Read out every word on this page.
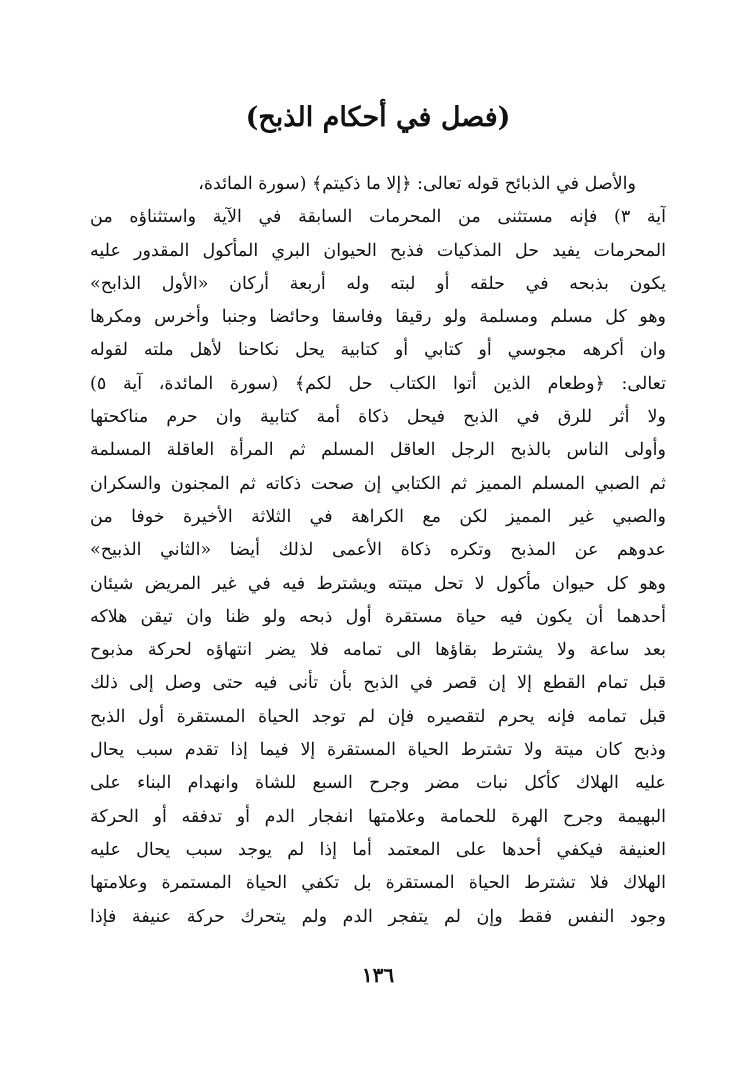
(فصل في أحكام الذبح)
والأصل في الذبائح قوله تعالى: ﴿إلا ما ذكيتم﴾ (سورة المائدة،
آية ٣) فإنه مستثنى من المحرمات السابقة في الآية واستثناؤه من
المحرمات يفيد حل المذكيات فذبح الحيوان البري المأكول المقدور عليه
يكون بذبحه في حلقه أو لبته وله أربعة أركان «الأول الذابح»
وهو كل مسلم ومسلمة ولو رقيقا وفاسقا وحائضا وجنبا وأخرس ومكرها
وان أكرهه مجوسي أو كتابي أو كتابية يحل نكاحنا لأهل ملته لقوله
تعالى: ﴿وطعام الذين أتوا الكتاب حل لكم﴾ (سورة المائدة، آية ٥)
ولا أثر للرق في الذبح فيحل ذكاة أمة كتابية وان حرم مناكحتها
وأولى الناس بالذبح الرجل العاقل المسلم ثم المرأة العاقلة المسلمة
ثم الصبي المسلم المميز ثم الكتابي إن صحت ذكاته ثم المجنون والسكران
والصبي غير المميز لكن مع الكراهة في الثلاثة الأخيرة خوفا من
عدوهم عن المذبح وتكره ذكاة الأعمى لذلك أيضا «الثاني الذبيح»
وهو كل حيوان مأكول لا تحل ميتته ويشترط فيه في غير المريض شيئان
أحدهما أن يكون فيه حياة مستقرة أول ذبحه ولو ظنا وان تيقن هلاكه
بعد ساعة ولا يشترط بقاؤها الى تمامه فلا يضر انتهاؤه لحركة مذبوح
قبل تمام القطع إلا إن قصر في الذبح بأن تأنى فيه حتى وصل إلى ذلك
قبل تمامه فإنه يحرم لتقصيره فإن لم توجد الحياة المستقرة أول الذبح
وذبح كان ميتة ولا تشترط الحياة المستقرة إلا فيما إذا تقدم سبب يحال
عليه الهلاك كأكل نبات مضر وجرح السبع للشاة وانهدام البناء على
البهيمة وجرح الهرة للحمامة وعلامتها انفجار الدم أو تدفقه أو الحركة
العنيفة فيكفي أحدها على المعتمد أما إذا لم يوجد سبب يحال عليه
الهلاك فلا تشترط الحياة المستقرة بل تكفي الحياة المستمرة وعلامتها
وجود النفس فقط وإن لم يتفجر الدم ولم يتحرك حركة عنيفة فإذا
١٣٦
